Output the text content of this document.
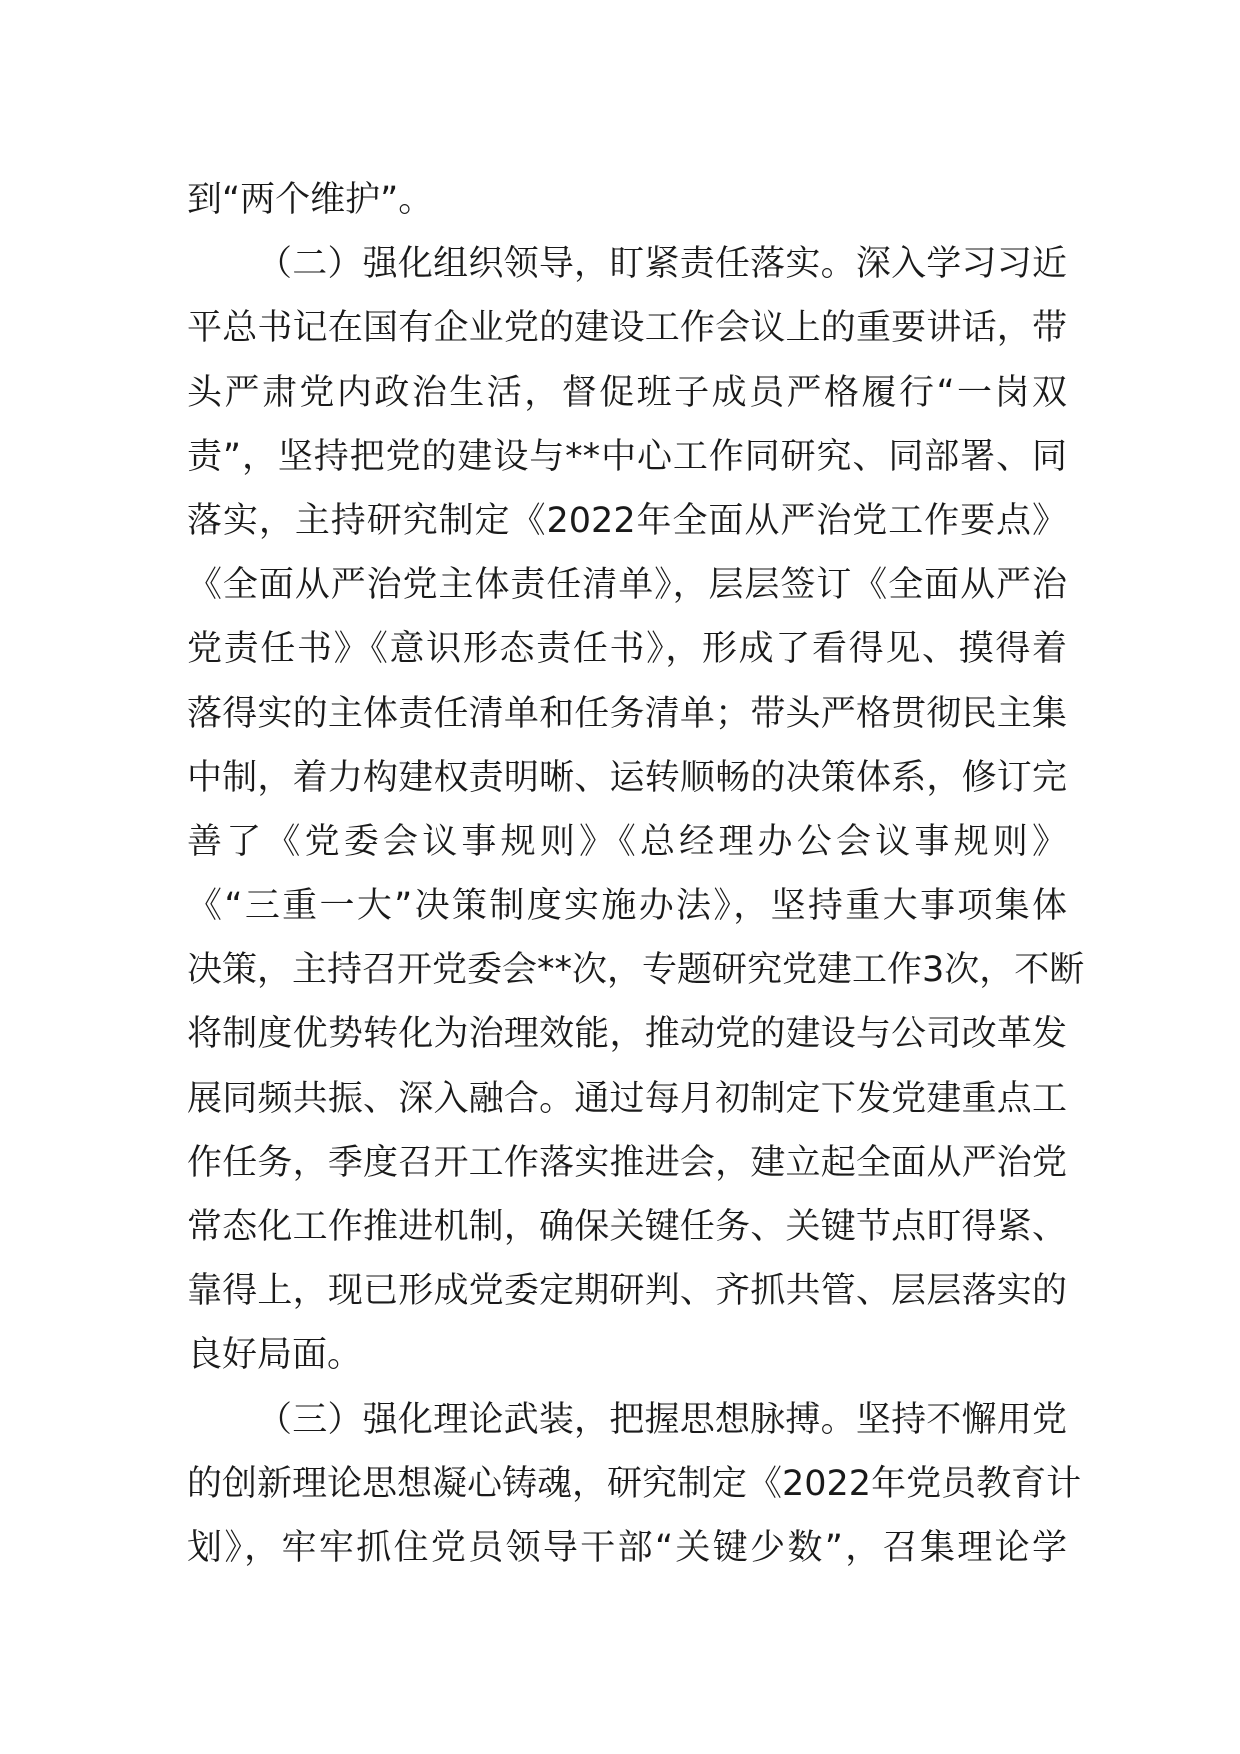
到“两个维护”。
（二）强化组织领导，盯紧责任落实。深入学习习近
平总书记在国有企业党的建设工作会议上的重要讲话，带
头严肃党内政治生活，督促班子成员严格履行“一岗双
责”，坚持把党的建设与**中心工作同研究、同部署、同
落实，主持研究制定《2022年全面从严治党工作要点》
《全面从严治党主体责任清单》，层层签订《全面从严治
党责任书》《意识形态责任书》，形成了看得见、摸得着
落得实的主体责任清单和任务清单；带头严格贯彻民主集
中制，着力构建权责明晰、运转顺畅的决策体系，修订完
善了《党委会议事规则》《总经理办公会议事规则》
《“三重一大”决策制度实施办法》，坚持重大事项集体
决策，主持召开党委会**次，专题研究党建工作3次，不断
将制度优势转化为治理效能，推动党的建设与公司改革发
展同频共振、深入融合。通过每月初制定下发党建重点工
作任务，季度召开工作落实推进会，建立起全面从严治党
常态化工作推进机制，确保关键任务、关键节点盯得紧、
靠得上，现已形成党委定期研判、齐抓共管、层层落实的
良好局面。
（三）强化理论武装，把握思想脉搏。坚持不懈用党
的创新理论思想凝心铸魂，研究制定《2022年党员教育计
划》，牢牢抓住党员领导干部“关键少数”，召集理论学
